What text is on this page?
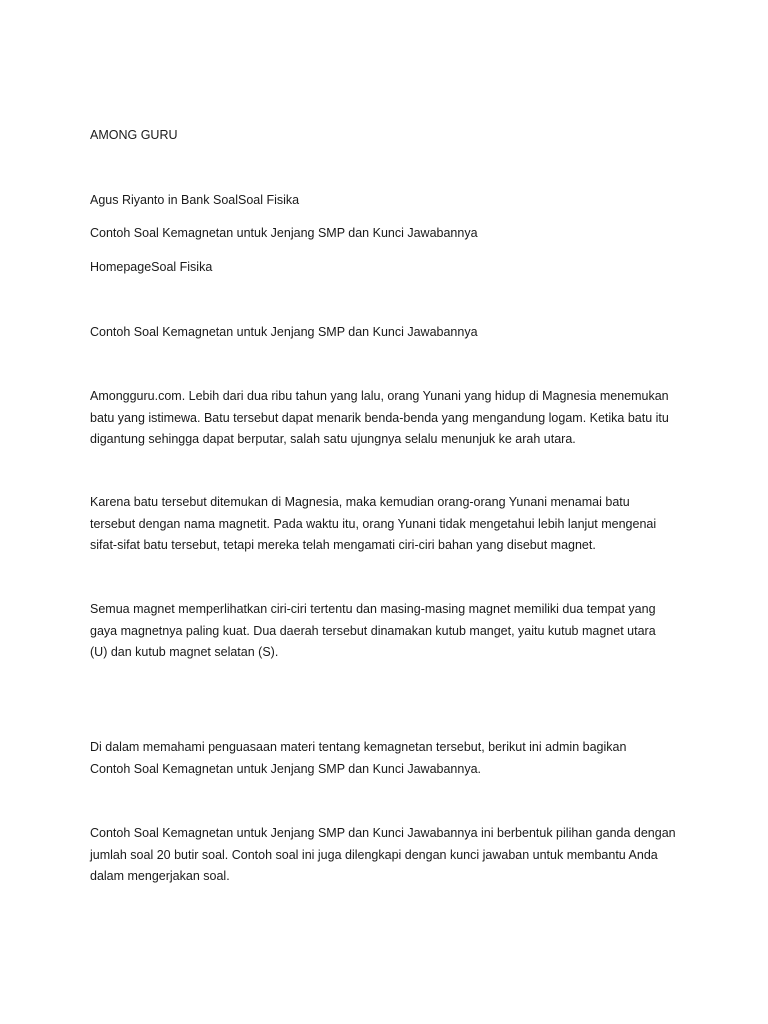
AMONG GURU

Agus Riyanto in Bank SoalSoal Fisika

Contoh Soal Kemagnetan untuk Jenjang SMP dan Kunci Jawabannya

HomepageSoal Fisika

Contoh Soal Kemagnetan untuk Jenjang SMP dan Kunci Jawabannya

Amongguru.com. Lebih dari dua ribu tahun yang lalu, orang Yunani yang hidup di Magnesia menemukan
batu yang istimewa. Batu tersebut dapat menarik benda-benda yang mengandung logam. Ketika batu itu
digantung sehingga dapat berputar, salah satu ujungnya selalu menunjuk ke arah utara.
Karena batu tersebut ditemukan di Magnesia, maka kemudian orang-orang Yunani menamai batu
tersebut dengan nama magnetit. Pada waktu itu, orang Yunani tidak mengetahui lebih lanjut mengenai
sifat-sifat batu tersebut, tetapi mereka telah mengamati ciri-ciri bahan yang disebut magnet.
Semua magnet memperlihatkan ciri-ciri tertentu dan masing-masing magnet memiliki dua tempat yang
gaya magnetnya paling kuat. Dua daerah tersebut dinamakan kutub manget, yaitu kutub magnet utara
(U) dan kutub magnet selatan (S).
Di dalam memahami penguasaan materi tentang kemagnetan tersebut, berikut ini admin bagikan
Contoh Soal Kemagnetan untuk Jenjang SMP dan Kunci Jawabannya.
Contoh Soal Kemagnetan untuk Jenjang SMP dan Kunci Jawabannya ini berbentuk pilihan ganda dengan
jumlah soal 20 butir soal. Contoh soal ini juga dilengkapi dengan kunci jawaban untuk membantu Anda
dalam mengerjakan soal.
